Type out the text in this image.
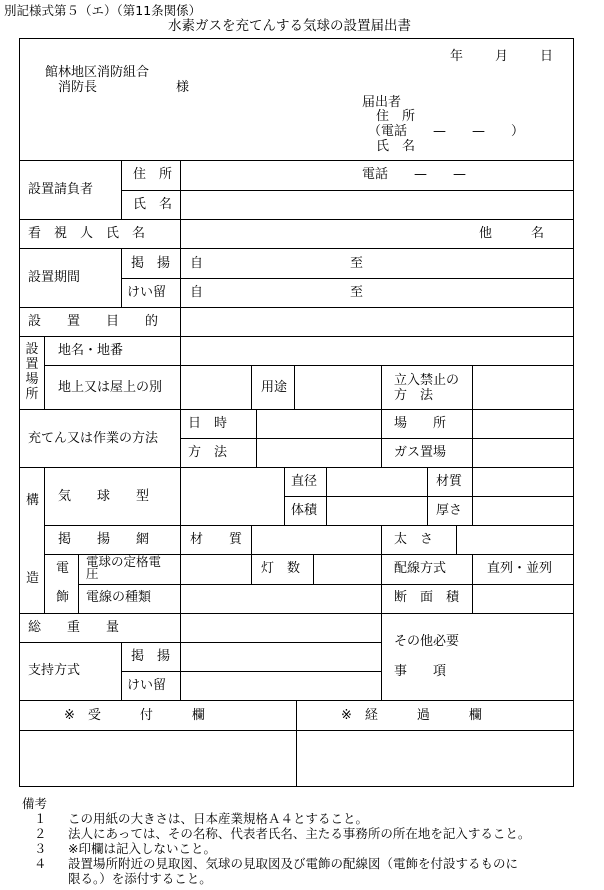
別記様式第５（エ）（第11条関係）
水素ガスを充てんする気球の設置届出書
年 月 日
館林地区消防組合
消防長	様
届出者
住　所
（電話　　—　　—　　）
氏　名
設置請負者
住　所	電話　　—　　—
氏　名
看　視　人　氏　名	他　　　名
設置期間
掲　揚 自	至
けい留 自	至
設　　置　　目　　的
設置場所
地名・地番
地上又は屋上の別	用途	立入禁止の方　法
充てん又は作業の方法
日　時	場　　所
方　法	ガス置場
構
造
気　　球　　型
直径	材質
体積	厚さ
掲　　揚　　網	材　　質	太　さ
電
飾
電球の定格電　　　圧	灯　数	配線方式	直列・並列
電線の種類	断　面　積
総　　重　　量
支持方式
掲　揚
けい留
その他必要
事　　項
※　受　　　付　　　欄	※　経　　　過　　　欄
備考
１ この用紙の大きさは、日本産業規格Ａ４とすること。

２ 法人にあっては、その名称、代表者氏名、主たる事務所の所在地を記入すること。

３ ※印欄は記入しないこと。

４ 設置場所附近の見取図、気球の見取図及び電飾の配線図（電飾を付設するものに

限る。）を添付すること。
